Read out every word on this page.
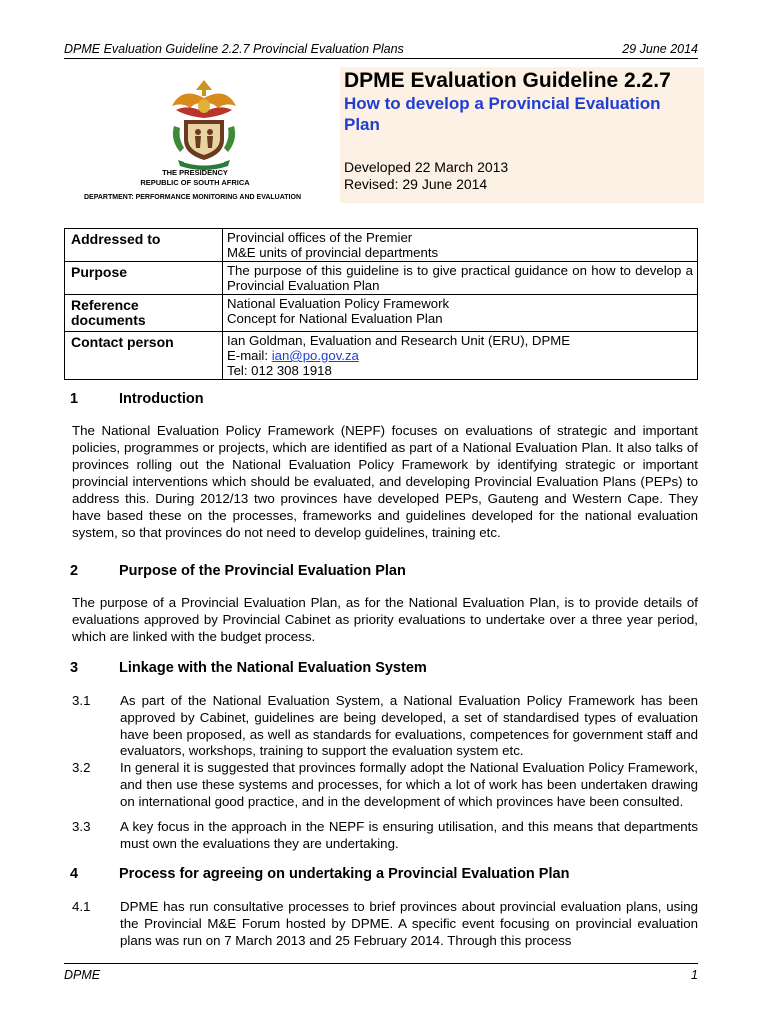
DPME Evaluation Guideline 2.2.7 Provincial Evaluation Plans	29 June 2014
THE PRESIDENCY
REPUBLIC OF SOUTH AFRICA
DEPARTMENT: PERFORMANCE MONITORING AND EVALUATION
DPME Evaluation Guideline 2.2.7
How to develop a Provincial Evaluation Plan
Developed 22 March 2013
Revised: 29 June 2014
Addressed to	Provincial offices of the Premier
M&E units of provincial departments

Purpose	The purpose of this guideline is to give practical guidance on how to develop a Provincial Evaluation Plan
Reference documents	National Evaluation Policy Framework
Concept for National Evaluation Plan

Contact person	Ian Goldman, Evaluation and Research Unit (ERU), DPME
E-mail: ian@po.gov.za
Tel: 012 308 1918
1	Introduction
The National Evaluation Policy Framework (NEPF) focuses on evaluations of strategic and important policies, programmes or projects, which are identified as part of a National Evaluation Plan. It also talks of provinces rolling out the National Evaluation Policy Framework by identifying strategic or important provincial interventions which should be evaluated, and developing Provincial Evaluation Plans (PEPs) to address this. During 2012/13 two provinces have developed PEPs, Gauteng and Western Cape. They have based these on the processes, frameworks and guidelines developed for the national evaluation system, so that provinces do not need to develop guidelines, training etc.
2	Purpose of the Provincial Evaluation Plan
The purpose of a Provincial Evaluation Plan, as for the National Evaluation Plan, is to provide details of evaluations approved by Provincial Cabinet as priority evaluations to undertake over a three year period, which are linked with the budget process.
3	Linkage with the National Evaluation System
3.1 As part of the National Evaluation System, a National Evaluation Policy Framework has been approved by Cabinet, guidelines are being developed, a set of standardised types of evaluation have been proposed, as well as standards for evaluations, competences for government staff and evaluators, workshops, training to support the evaluation system etc.
3.2 In general it is suggested that provinces formally adopt the National Evaluation Policy Framework, and then use these systems and processes, for which a lot of work has been undertaken drawing on international good practice, and in the development of which provinces have been consulted.
3.3 A key focus in the approach in the NEPF is ensuring utilisation, and this means that departments must own the evaluations they are undertaking.
4	Process for agreeing on undertaking a Provincial Evaluation Plan
4.1 DPME has run consultative processes to brief provinces about provincial evaluation plans, using the Provincial M&E Forum hosted by DPME. A specific event focusing on provincial evaluation plans was run on 7 March 2013 and 25 February 2014. Through this process
DPME	1
